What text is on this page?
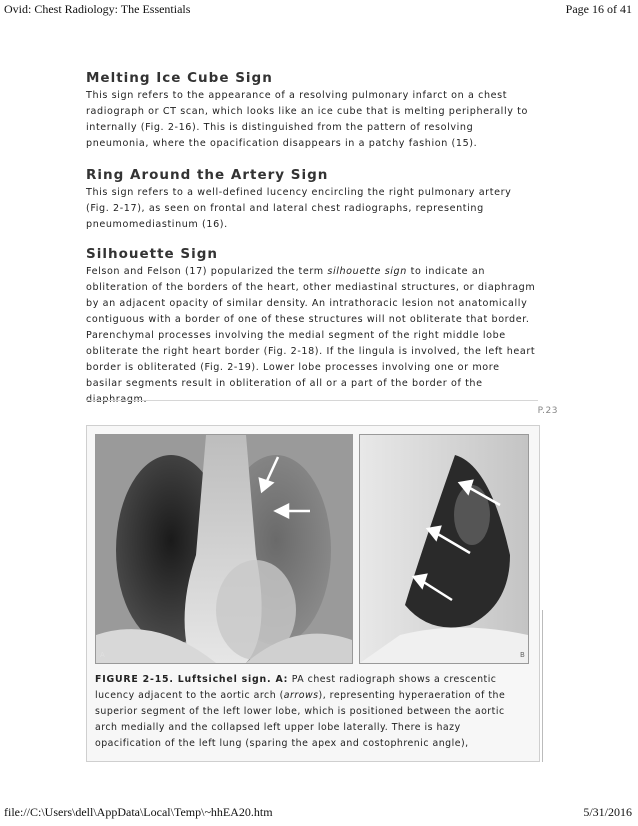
Ovid: Chest Radiology: The Essentials	Page 16 of 41
Melting Ice Cube Sign

This sign refers to the appearance of a resolving pulmonary infarct on a chest radiograph or CT scan, which looks like an ice cube that is melting peripherally to internally (Fig. 2-16). This is distinguished from the pattern of resolving pneumonia, where the opacification disappears in a patchy fashion (15).

Ring Around the Artery Sign

This sign refers to a well-defined lucency encircling the right pulmonary artery (Fig. 2-17), as seen on frontal and lateral chest radiographs, representing pneumomediastinum (16).

Silhouette Sign

Felson and Felson (17) popularized the term silhouette sign to indicate an obliteration of the borders of the heart, other mediastinal structures, or diaphragm by an adjacent opacity of similar density. An intrathoracic lesion not anatomically contiguous with a border of one of these structures will not obliterate that border. Parenchymal processes involving the medial segment of the right middle lobe obliterate the right heart border (Fig. 2-18). If the lingula is involved, the left heart border is obliterated (Fig. 2-19). Lower lobe processes involving one or more basilar segments result in obliteration of all or a part of the border of the diaphragm.

P.23
A	B
FIGURE 2-15. Luftsichel sign. A: PA chest radiograph shows a crescentic lucency adjacent to the aortic arch (arrows), representing hyperaeration of the superior segment of the left lower lobe, which is positioned between the aortic arch medially and the collapsed left upper lobe laterally. There is hazy opacification of the left lung (sparing the apex and costophrenic angle),
file://C:\Users\dell\AppData\Local\Temp\~hhEA20.htm	5/31/2016
